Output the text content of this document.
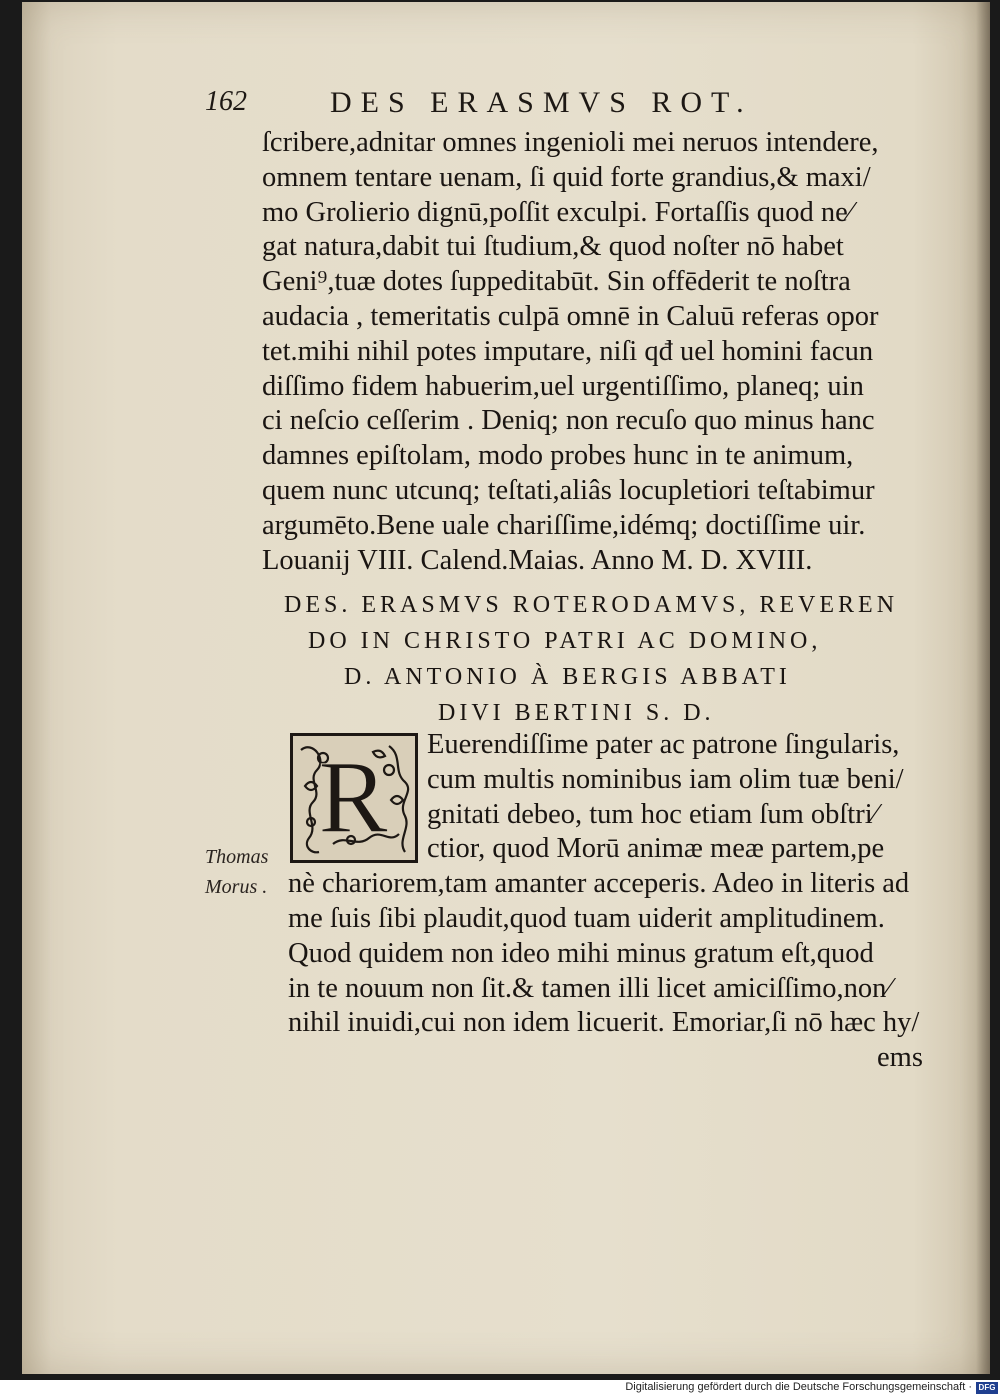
162	DES ERASMVS ROT.
ſcribere,adnitar omnes ingenioli mei neruos intendere,
omnem tentare uenam, ſi quid forte grandius,& maxi/
mo Grolierio dignū,poſſit exculpi. Fortaſſis quod ne⁄
gat natura,dabit tui ſtudium,& quod noſter nō habet
Geni⁹,tuæ dotes ſuppeditabūt. Sin offēderit te noſtra
audacia , temeritatis culpā omnē in Caluū referas opor
tet.mihi nihil potes imputare, niſi qđ uel homini facun
diſſimo fidem habuerim,uel urgentiſſimo, planeq; uin
ci neſcio ceſſerim . Deniq; non recuſo quo minus hanc
damnes epiſtolam, modo probes hunc in te animum,
quem nunc utcunq; teſtati,aliâs locupletiori teſtabimur
argumēto.Bene uale chariſſime,idémq; doctiſſime uir.
Louanij VIII. Calend.Maias. Anno M. D. XVIII.
DES. ERASMVS ROTERODAMVS, REVEREN
DO IN CHRISTO PATRI AC DOMINO,
D. ANTONIO À BERGIS ABBATI
DIVI BERTINI S. D.
R	Euerendiſſime pater ac patrone ſingularis,
cum multis nominibus iam olim tuæ beni/
gnitati debeo, tum hoc etiam ſum obſtri⁄
ctior, quod Morū animæ meæ partem,pe
nè chariorem,tam amanter acceperis. Adeo in literis ad
me ſuis ſibi plaudit,quod tuam uiderit amplitudinem.
Quod quidem non ideo mihi minus gratum eſt,quod
in te nouum non ſit.& tamen illi licet amiciſſimo,non⁄
nihil inuidi,cui non idem licuerit. Emoriar,ſi nō hæc hy/
ems
Thomas
Morus .
Digitalisierung gefördert durch die Deutsche Forschungsgemeinschaft · DFG
